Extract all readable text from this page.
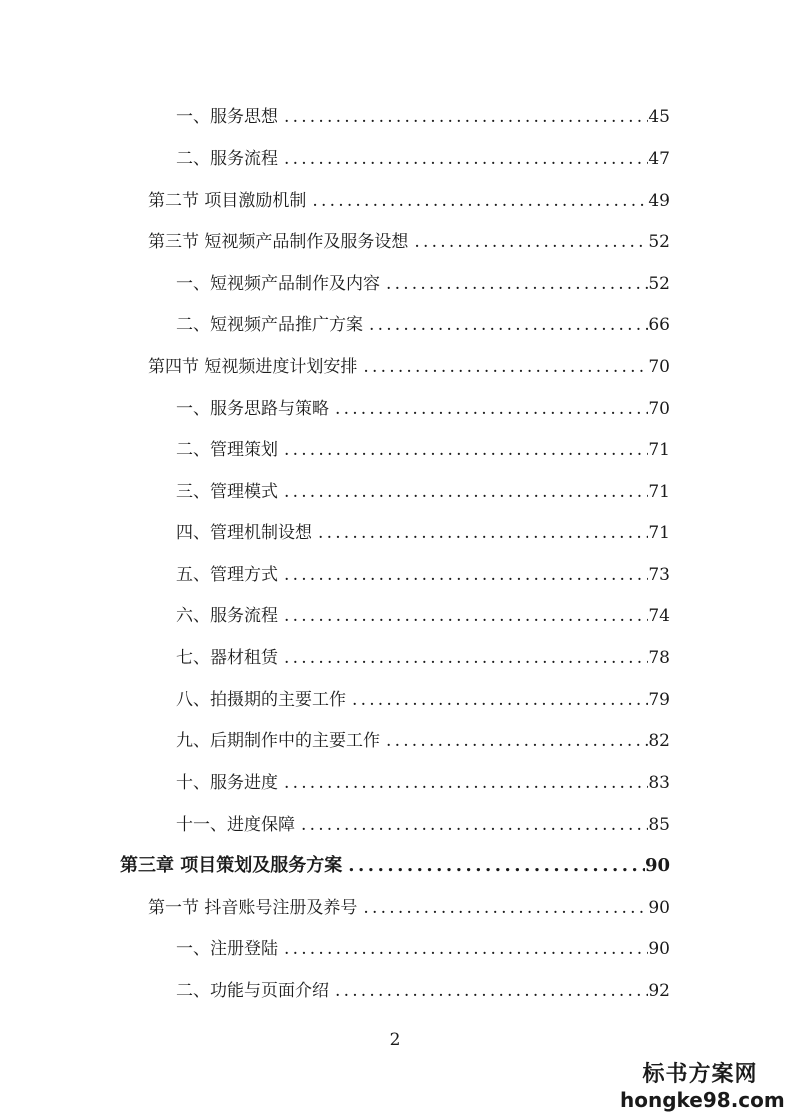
一、服务思想 .....	45
二、服务流程 .....	47
第二节 项目激励机制 .....	49
第三节 短视频产品制作及服务设想 .....	52
一、短视频产品制作及内容 .....	52
二、短视频产品推广方案 .....	66
第四节 短视频进度计划安排 .....	70
一、服务思路与策略 .....	70
二、管理策划 .....	71
三、管理模式 .....	71
四、管理机制设想 .....	71
五、管理方式 .....	73
六、服务流程 .....	74
七、器材租赁 .....	78
八、拍摄期的主要工作 .....	79
九、后期制作中的主要工作 .....	82
十、服务进度 .....	83
十一、进度保障 .....	85
第三章 项目策划及服务方案 .....	90
第一节 抖音账号注册及养号 .....	90
一、注册登陆 .....	90
二、功能与页面介绍 .....	92
2
标书方案网
hongke98.com
